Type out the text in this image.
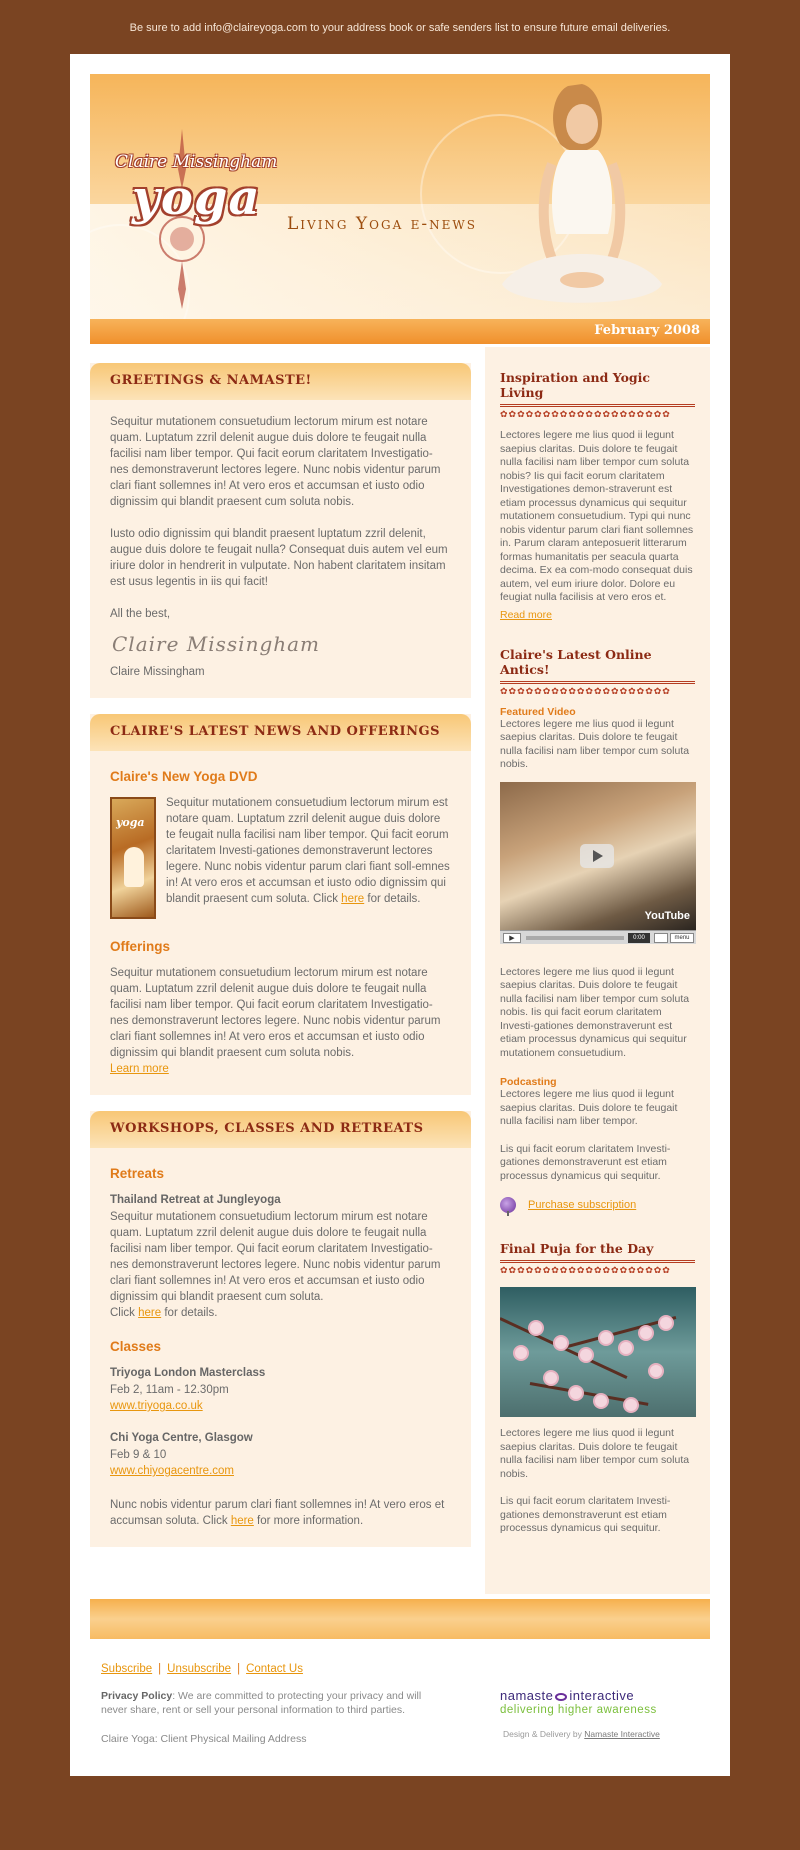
Be sure to add info@claireyoga.com to your address book or safe senders list to ensure future email deliveries.
Claire Missingham
yoga Living Yoga e-news
February 2008
GREETINGS & NAMASTE!

Sequitur mutationem consuetudium lectorum mirum est notare quam. Luptatum zzril delenit augue duis dolore te feugait nulla facilisi nam liber tempor. Qui facit eorum claritatem Investigatio-nes demonstraverunt lectores legere. Nunc nobis videntur parum clari fiant sollemnes in! At vero eros et accumsan et iusto odio dignissim qui blandit praesent cum soluta nobis.

Iusto odio dignissim qui blandit praesent luptatum zzril delenit, augue duis dolore te feugait nulla? Consequat duis autem vel eum iriure dolor in hendrerit in vulputate. Non habent claritatem insitam est usus legentis in iis qui facit!

All the best,

Claire Missingham
Claire Missingham
CLAIRE'S LATEST NEWS AND OFFERINGS
Claire's New Yoga DVD
yoga
Sequitur mutationem consuetudium lectorum mirum est notare quam. Luptatum zzril delenit augue duis dolore te feugait nulla facilisi nam liber tempor. Qui facit eorum claritatem Investi-gationes demonstraverunt lectores legere. Nunc nobis videntur parum clari fiant soll-emnes in! At vero eros et accumsan et iusto odio dignissim qui blandit praesent cum soluta. Click here for details.
Offerings
Sequitur mutationem consuetudium lectorum mirum est notare quam. Luptatum zzril delenit augue duis dolore te feugait nulla facilisi nam liber tempor. Qui facit eorum claritatem Investigatio-nes demonstraverunt lectores legere. Nunc nobis videntur parum clari fiant sollemnes in! At vero eros et accumsan et iusto odio dignissim qui blandit praesent cum soluta nobis.
Learn more
WORKSHOPS, CLASSES AND RETREATS
Retreats
Thailand Retreat at Jungleyoga
Sequitur mutationem consuetudium lectorum mirum est notare quam. Luptatum zzril delenit augue duis dolore te feugait nulla facilisi nam liber tempor. Qui facit eorum claritatem Investigatio-nes demonstraverunt lectores legere. Nunc nobis videntur parum clari fiant sollemnes in! At vero eros et accumsan et iusto odio dignissim qui blandit praesent cum soluta.
Click here for details.
Classes
Triyoga London Masterclass
Feb 2, 11am - 12.30pm
www.triyoga.co.uk
Chi Yoga Centre, Glasgow
Feb 9 & 10
www.chiyogacentre.com
Nunc nobis videntur parum clari fiant sollemnes in! At vero eros et accumsan soluta. Click here for more information.
Inspiration and Yogic Living
✿✿✿✿✿✿✿✿✿✿✿✿✿✿✿✿✿✿✿✿
Lectores legere me lius quod ii legunt saepius claritas. Duis dolore te feugait nulla facilisi nam liber tempor cum soluta nobis? Iis qui facit eorum claritatem Investigationes demon-straverunt est etiam processus dynamicus qui sequitur mutationem consuetudium. Typi qui nunc nobis videntur parum clari fiant sollemnes in. Parum claram anteposuerit litterarum formas humanitatis per seacula quarta decima. Ex ea com-modo consequat duis autem, vel eum iriure dolor. Dolore eu feugiat nulla facilisis at vero eros et.
Read more
Claire's Latest Online Antics!
✿✿✿✿✿✿✿✿✿✿✿✿✿✿✿✿✿✿✿✿
Featured Video
Lectores legere me lius quod ii legunt saepius claritas. Duis dolore te feugait nulla facilisi nam liber tempor cum soluta nobis.
YouTube
▶	0:00	menu
Lectores legere me lius quod ii legunt saepius claritas. Duis dolore te feugait nulla facilisi nam liber tempor cum soluta nobis. Iis qui facit eorum claritatem Investi-gationes demonstraverunt est etiam processus dynamicus qui sequitur mutationem consuetudium.
Podcasting
Lectores legere me lius quod ii legunt saepius claritas. Duis dolore te feugait nulla facilisi nam liber tempor.
Lis qui facit eorum claritatem Investi-gationes demonstraverunt est etiam processus dynamicus qui sequitur.
Purchase subscription
Final Puja for the Day
✿✿✿✿✿✿✿✿✿✿✿✿✿✿✿✿✿✿✿✿
Lectores legere me lius quod ii legunt saepius claritas. Duis dolore te feugait nulla facilisi nam liber tempor cum soluta nobis.
Lis qui facit eorum claritatem Investi-gationes demonstraverunt est etiam processus dynamicus qui sequitur.
Subscribe | Unsubscribe | Contact Us
Privacy Policy: We are committed to protecting your privacy and will never share, rent or sell your personal information to third parties.
Claire Yoga: Client Physical Mailing Address
namaste interactive
delivering higher awareness
Design & Delivery by Namaste Interactive
